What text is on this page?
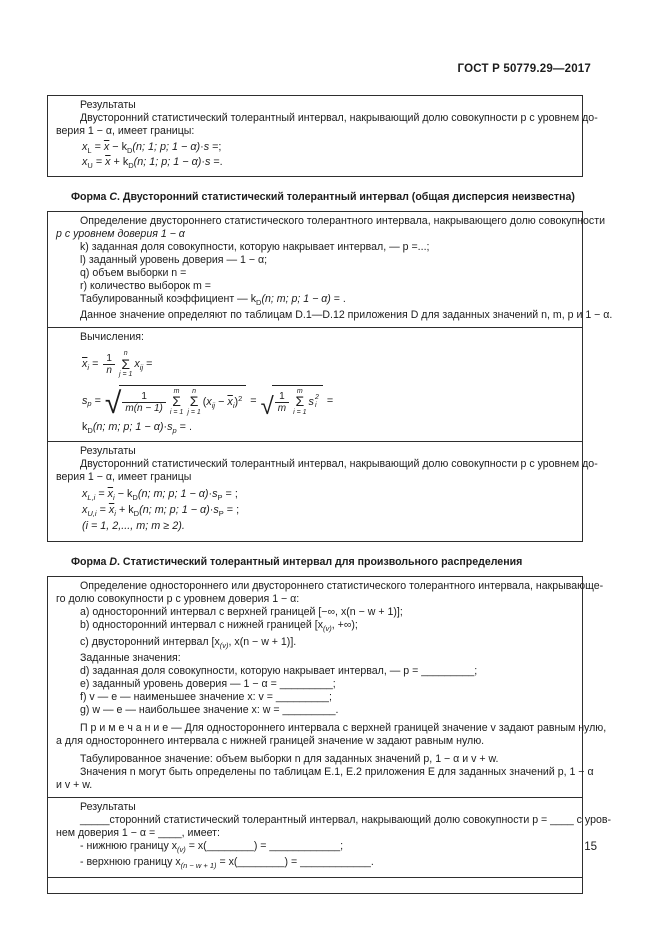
ГОСТ Р 50779.29—2017
Результаты
Двусторонний статистический толерантный интервал, накрывающий долю совокупности p с уровнем до-
верия 1 − α, имеет границы:
$x_L = \overline{x} - k_D$ (n; 1; p; 1 − α) · s =;
$x_U = \overline{x} + k_D$ (n; 1; p; 1 − α) · s =.
Форма C. Двусторонний статистический толерантный интервал (общая дисперсия неизвестна)
Определение двустороннего статистического толерантного интервала, накрывающего долю совокупности
p с уровнем доверия 1 − α
k) заданная доля совокупности, которую накрывает интервал, — p =...;
l) заданный уровень доверия — 1 − α;
q) объем выборки n =
r) количество выборок m =
Табулированный коэффициент — $k_D(n$; m; p; 1 − α) = .
Данное значение определяют по таблицам D.1—D.12 приложения D для заданных значений n, m, p и 1 − α.
Вычисления:
$\overline{x}_i = \frac{1}{n}$ n
Σ
j = 1
$x_{ij}$ =
$s_p$ = √ $\frac{1}{m(n - 1)}$ m
Σ
i = 1
n
Σ
j = 1
( $x_{ij} - \overline{x}_i$ )$^2$ = √ $\frac{1}{m}$ m
Σ
i = 1
s 2
i =
$k_D$ (n; m; p; $1 - \alpha) \cdot s_p$ = .
Результаты
Двусторонний статистический толерантный интервал, накрывающий долю совокупности p с уровнем до-
верия 1 − α, имеет границы
$x_{L,i} = \overline{x}_i - k_D$ (n; m; p; $1 - \alpha) \cdot s_P$ = ;
$x_{U,i} = \overline{x}_i + k_D$ (n; m; p; $1 - \alpha) \cdot s_P$ = ;
(i = 1, 2,..., m; m ≥ 2).
Форма D. Статистический толерантный интервал для произвольного распределения
Определение одностороннего или двустороннего статистического толерантного интервала, накрывающе-
го долю совокупности p с уровнем доверия 1 − α:
a) односторонний интервал с верхней границей [−∞, x(n − w + 1)];
b) односторонний интервал с нижней границей [$x_{(v)}$, +∞);
c) двусторонний интервал [$x_{(v)}$, x(n − w + 1)].
Заданные значения:
d) заданная доля совокупности, которую накрывает интервал, — p = _________;
e) заданный уровень доверия — 1 − α = _________;
f) v — е — наименьшее значение x: v = _________;
g) w — е — наибольшее значение x: w = _________.
П р и м е ч а н и е — Для одностороннего интервала с верхней границей значение v задают равным нулю,
а для одностороннего интервала с нижней границей значение w задают равным нулю.
Табулированное значение: объем выборки n для заданных значений p, 1 − α и v + w.
Значения n могут быть определены по таблицам E.1, E.2 приложения E для заданных значений p, 1 − α
и v + w.
Результаты
_____сторонний статистический толерантный интервал, накрывающий долю совокупности p = ____ с уров-
нем доверия 1 − α = ____, имеет:
- нижнюю границу $x_{(v)}$ = x(________) = ____________;
- верхнюю границу $x_{(n - w + 1)}$ = x(________) = ____________.
15
